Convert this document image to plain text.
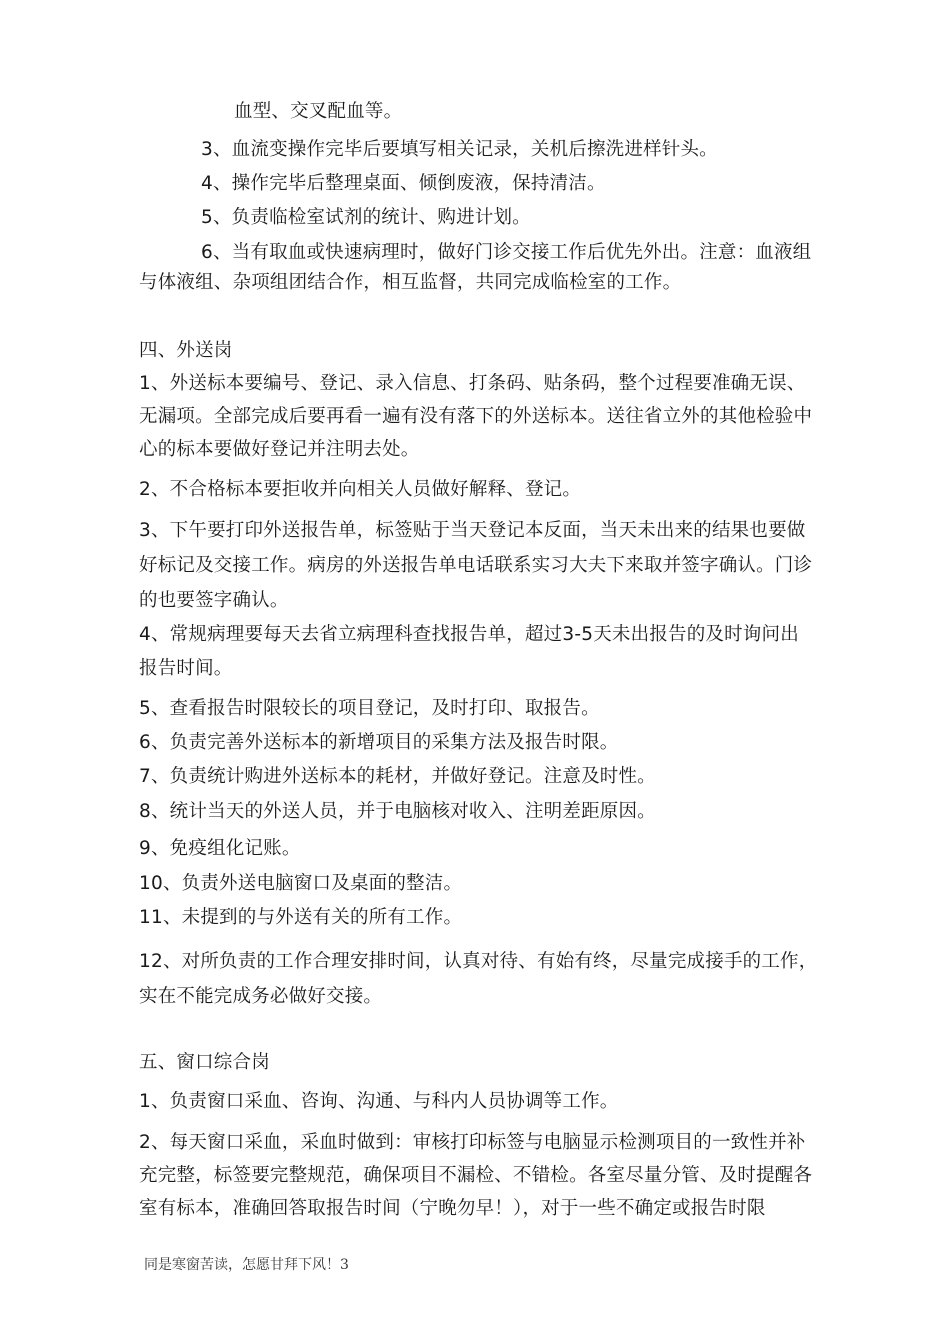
血型、交叉配血等。
3、血流变操作完毕后要填写相关记录，关机后擦洗进样针头。
4、操作完毕后整理桌面、倾倒废液，保持清洁。
5、负责临检室试剂的统计、购进计划。
6、当有取血或快速病理时，做好门诊交接工作后优先外出。注意：血液组
与体液组、杂项组团结合作，相互监督，共同完成临检室的工作。
四、外送岗
1、外送标本要编号、登记、录入信息、打条码、贴条码，整个过程要准确无误、
无漏项。全部完成后要再看一遍有没有落下的外送标本。送往省立外的其他检验中
心的标本要做好登记并注明去处。
2、不合格标本要拒收并向相关人员做好解释、登记。
3、下午要打印外送报告单，标签贴于当天登记本反面，当天未出来的结果也要做
好标记及交接工作。病房的外送报告单电话联系实习大夫下来取并签字确认。门诊
的也要签字确认。
4、常规病理要每天去省立病理科查找报告单，超过3-5天未出报告的及时询问出
报告时间。
5、查看报告时限较长的项目登记，及时打印、取报告。
6、负责完善外送标本的新增项目的采集方法及报告时限。
7、负责统计购进外送标本的耗材，并做好登记。注意及时性。
8、统计当天的外送人员，并于电脑核对收入、注明差距原因。
9、免疫组化记账。
10、负责外送电脑窗口及桌面的整洁。
11、未提到的与外送有关的所有工作。
12、对所负责的工作合理安排时间，认真对待、有始有终，尽量完成接手的工作，
实在不能完成务必做好交接。
五、窗口综合岗
1、负责窗口采血、咨询、沟通、与科内人员协调等工作。
2、每天窗口采血，采血时做到：审核打印标签与电脑显示检测项目的一致性并补
充完整，标签要完整规范，确保项目不漏检、不错检。各室尽量分管、及时提醒各
室有标本，准确回答取报告时间（宁晚勿早！），对于一些不确定或报告时限
同是寒窗苦读，怎愿甘拜下风！3
